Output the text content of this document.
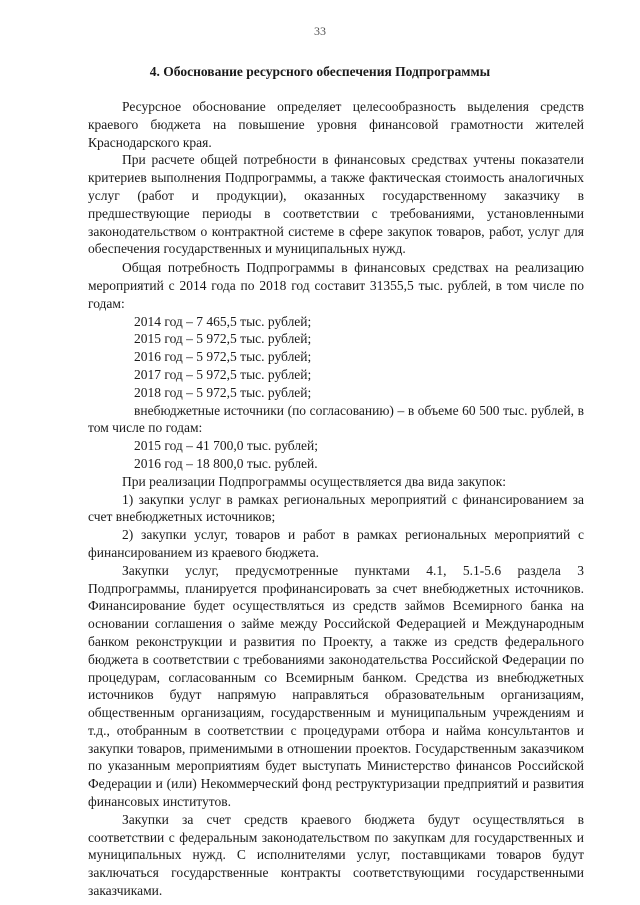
33
4. Обоснование ресурсного обеспечения Подпрограммы

Ресурсное обоснование определяет целесообразность выделения средств краевого бюджета на повышение уровня финансовой грамотности жителей Краснодарского края.

При расчете общей потребности в финансовых средствах учтены показатели критериев выполнения Подпрограммы, а также фактическая стоимость аналогичных услуг (работ и продукции), оказанных государственному заказчику в предшествующие периоды в соответствии с требованиями, установленными законодательством о контрактной системе в сфере закупок товаров, работ, услуг для обеспечения государственных и муниципальных нужд.

Общая потребность Подпрограммы в финансовых средствах на реализацию мероприятий с 2014 года по 2018 год составит 31355,5 тыс. рублей, в том числе по годам:

2014 год – 7 465,5 тыс. рублей;

2015 год – 5 972,5 тыс. рублей;

2016 год – 5 972,5 тыс. рублей;

2017 год – 5 972,5 тыс. рублей;

2018 год – 5 972,5 тыс. рублей;

внебюджетные источники (по согласованию) – в объеме 60 500 тыс. рублей, в том числе по годам:

2015 год – 41 700,0 тыс. рублей;

2016 год – 18 800,0 тыс. рублей.

При реализации Подпрограммы осуществляется два вида закупок:

1) закупки услуг в рамках региональных мероприятий с финансированием за счет внебюджетных источников;

2) закупки услуг, товаров и работ в рамках региональных мероприятий с финансированием из краевого бюджета.

Закупки услуг, предусмотренные пунктами 4.1, 5.1-5.6 раздела 3 Подпрограммы, планируется профинансировать за счет внебюджетных источников. Финансирование будет осуществляться из средств займов Всемирного банка на основании соглашения о займе между Российской Федерацией и Международным банком реконструкции и развития по Проекту, а также из средств федерального бюджета в соответствии с требованиями законодательства Российской Федерации по процедурам, согласованным со Всемирным банком. Средства из внебюджетных источников будут напрямую направляться образовательным организациям, общественным организациям, государственным и муниципальным учреждениям и т.д., отобранным в соответствии с процедурами отбора и найма консультантов и закупки товаров, применимыми в отношении проектов. Государственным заказчиком по указанным мероприятиям будет выступать Министерство финансов Российской Федерации и (или) Некоммерческий фонд реструктуризации предприятий и развития финансовых институтов.

Закупки за счет средств краевого бюджета будут осуществляться в соответствии с федеральным законодательством по закупкам для государственных и муниципальных нужд. С исполнителями услуг, поставщиками товаров будут заключаться государственные контракты соответствующими государственными заказчиками.
